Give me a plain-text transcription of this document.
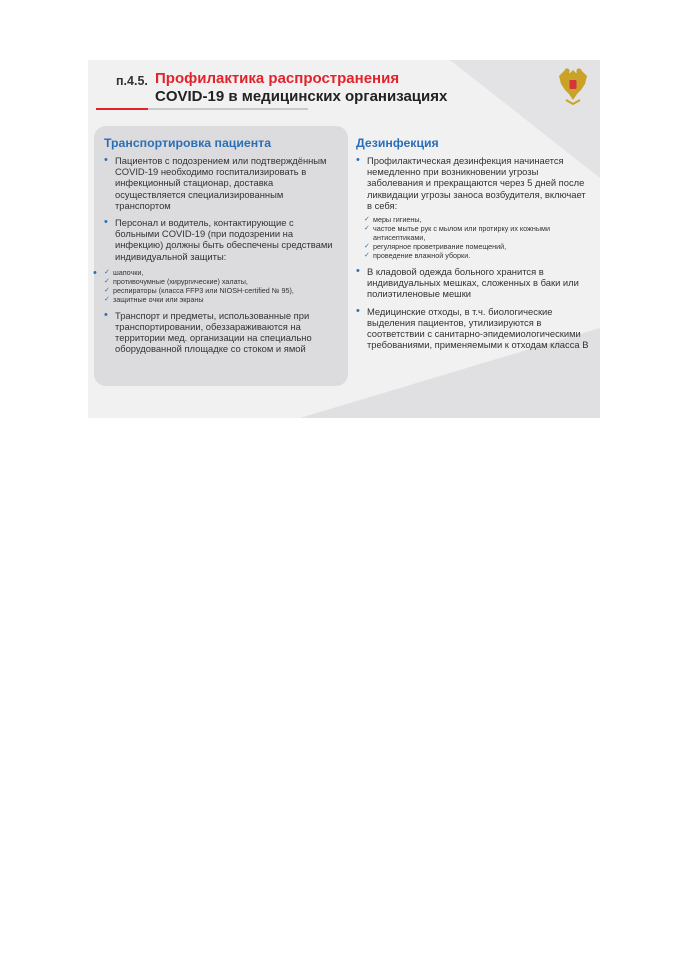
п.4.5. Профилактика распространения
COVID-19 в медицинских организациях
Транспортировка пациента
• Пациентов с подозрением или подтверждённым COVID-19 необходимо госпитализировать в инфекционный стационар, доставка осуществляется специализированным транспортом
• Персонал и водитель, контактирующие с больными COVID-19 (при подозрении на инфекцию) должны быть обеспечены средствами индивидуальной защиты:
✓ • шапочки,
✓ противочумные (хирургические) халаты,
✓ респираторы (класса FFP3 или NIOSH-certified № 95),
✓ защитные очки или экраны
• Транспорт и предметы, использованные при транспортировании, обеззараживаются на территории мед. организации на специально оборудованной площадке со стоком и ямой
Дезинфекция
• Профилактическая дезинфекция начинается немедленно при возникновении угрозы заболевания и прекращаются через 5 дней после ликвидации угрозы заноса возбудителя, включает в себя:
✓ меры гигиены,
✓ частое мытье рук с мылом или протирку их кожными антисептиками,
✓ регулярное проветривание помещений,
✓ проведение влажной уборки.
• В кладовой одежда больного хранится в индивидуальных мешках, сложенных в баки или полиэтиленовые мешки
• Медицинские отходы, в т.ч. биологические выделения пациентов, утилизируются в соответствии с санитарно-эпидемиологическими требованиями, применяемыми к отходам класса В
